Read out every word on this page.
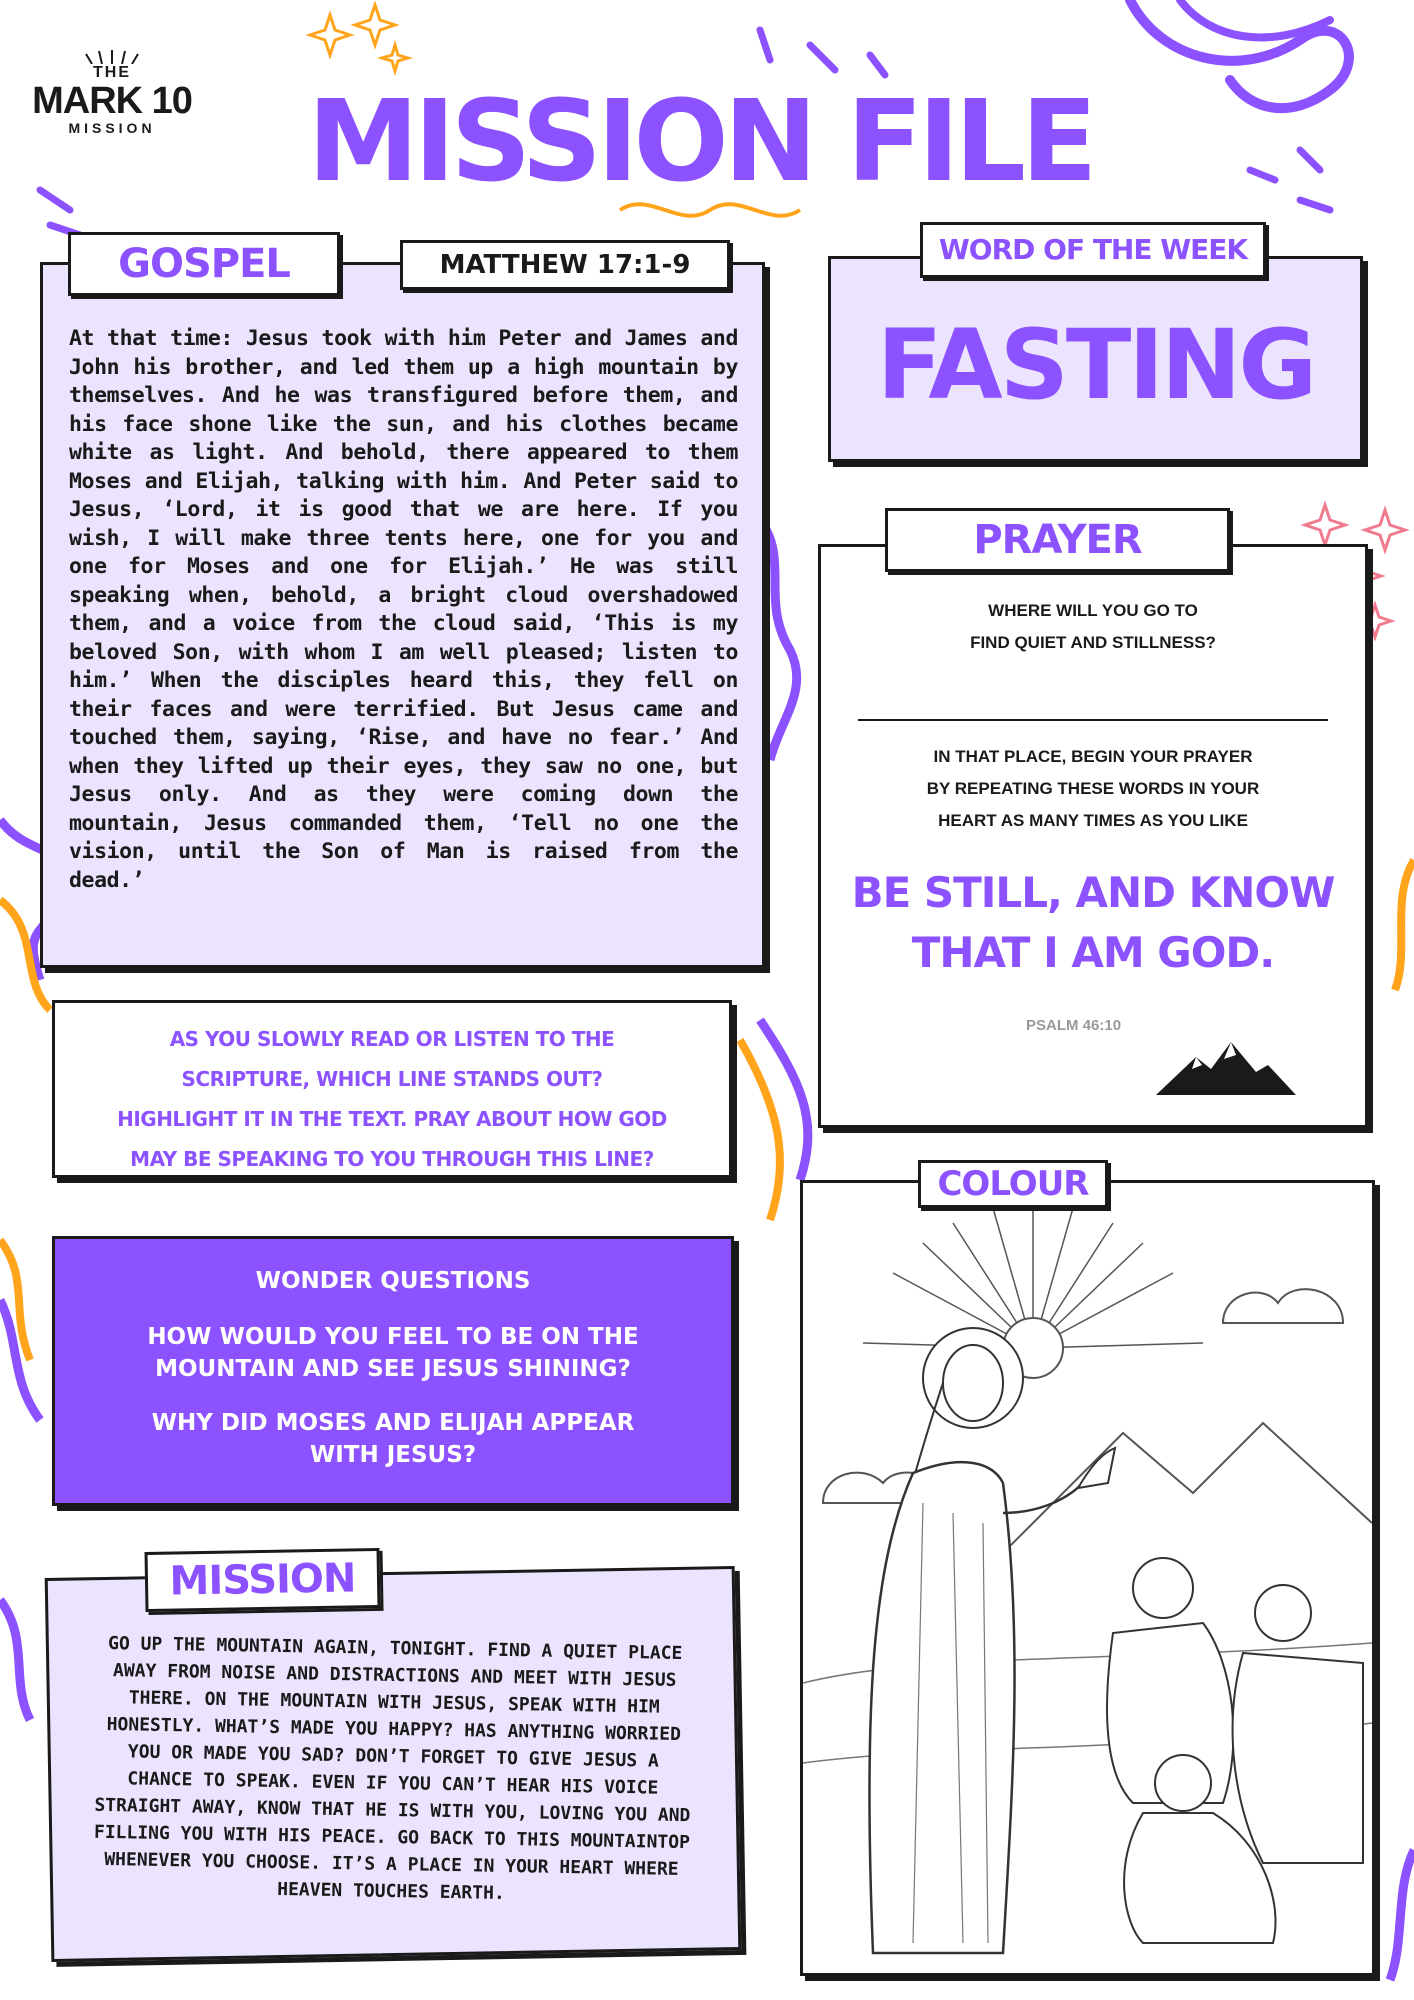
THE
MARK 10
MISSION	MISSION FILE
At that time: Jesus took with him Peter and James and John his brother, and led them up a high mountain by themselves. And he was transfigured before them, and his face shone like the sun, and his clothes became white as light. And behold, there appeared to them Moses and Elijah, talking with him. And Peter said to Jesus, ‘Lord, it is good that we are here. If you wish, I will make three tents here, one for you and one for Moses and one for Elijah.’ He was still speaking when, behold, a bright cloud overshadowed them, and a voice from the cloud said, ‘This is my beloved Son, with whom I am well pleased; listen to him.’ When the disciples heard this, they fell on their faces and were terrified. But Jesus came and touched them, saying, ‘Rise, and have no fear.’ And when they lifted up their eyes, they saw no one, but Jesus only. And as they were coming down the mountain, Jesus commanded them, ‘Tell no one the vision, until the Son of Man is raised from the dead.’
GOSPEL	MATTHEW 17:1-9
AS YOU SLOWLY READ OR LISTEN TO THE
SCRIPTURE, WHICH LINE STANDS OUT?
HIGHLIGHT IT IN THE TEXT. PRAY ABOUT HOW GOD
MAY BE SPEAKING TO YOU THROUGH THIS LINE?
WONDER QUESTIONS
HOW WOULD YOU FEEL TO BE ON THE
MOUNTAIN AND SEE JESUS SHINING?
WHY DID MOSES AND ELIJAH APPEAR
WITH JESUS?
GO UP THE MOUNTAIN AGAIN, TONIGHT. FIND A QUIET PLACE AWAY FROM NOISE AND DISTRACTIONS AND MEET WITH JESUS THERE. ON THE MOUNTAIN WITH JESUS, SPEAK WITH HIM HONESTLY. WHAT’S MADE YOU HAPPY? HAS ANYTHING WORRIED YOU OR MADE YOU SAD? DON’T FORGET TO GIVE JESUS A CHANCE TO SPEAK. EVEN IF YOU CAN’T HEAR HIS VOICE STRAIGHT AWAY, KNOW THAT HE IS WITH YOU, LOVING YOU AND FILLING YOU WITH HIS PEACE. GO BACK TO THIS MOUNTAINTOP WHENEVER YOU CHOOSE. IT’S A PLACE IN YOUR HEART WHERE HEAVEN TOUCHES EARTH.
MISSION
FASTING
WORD OF THE WEEK
WHERE WILL YOU GO TO
FIND QUIET AND STILLNESS?
IN THAT PLACE, BEGIN YOUR PRAYER
BY REPEATING THESE WORDS IN YOUR
HEART AS MANY TIMES AS YOU LIKE
BE STILL, AND KNOW
THAT I AM GOD.
PSALM 46:10
PRAYER
COLOUR
